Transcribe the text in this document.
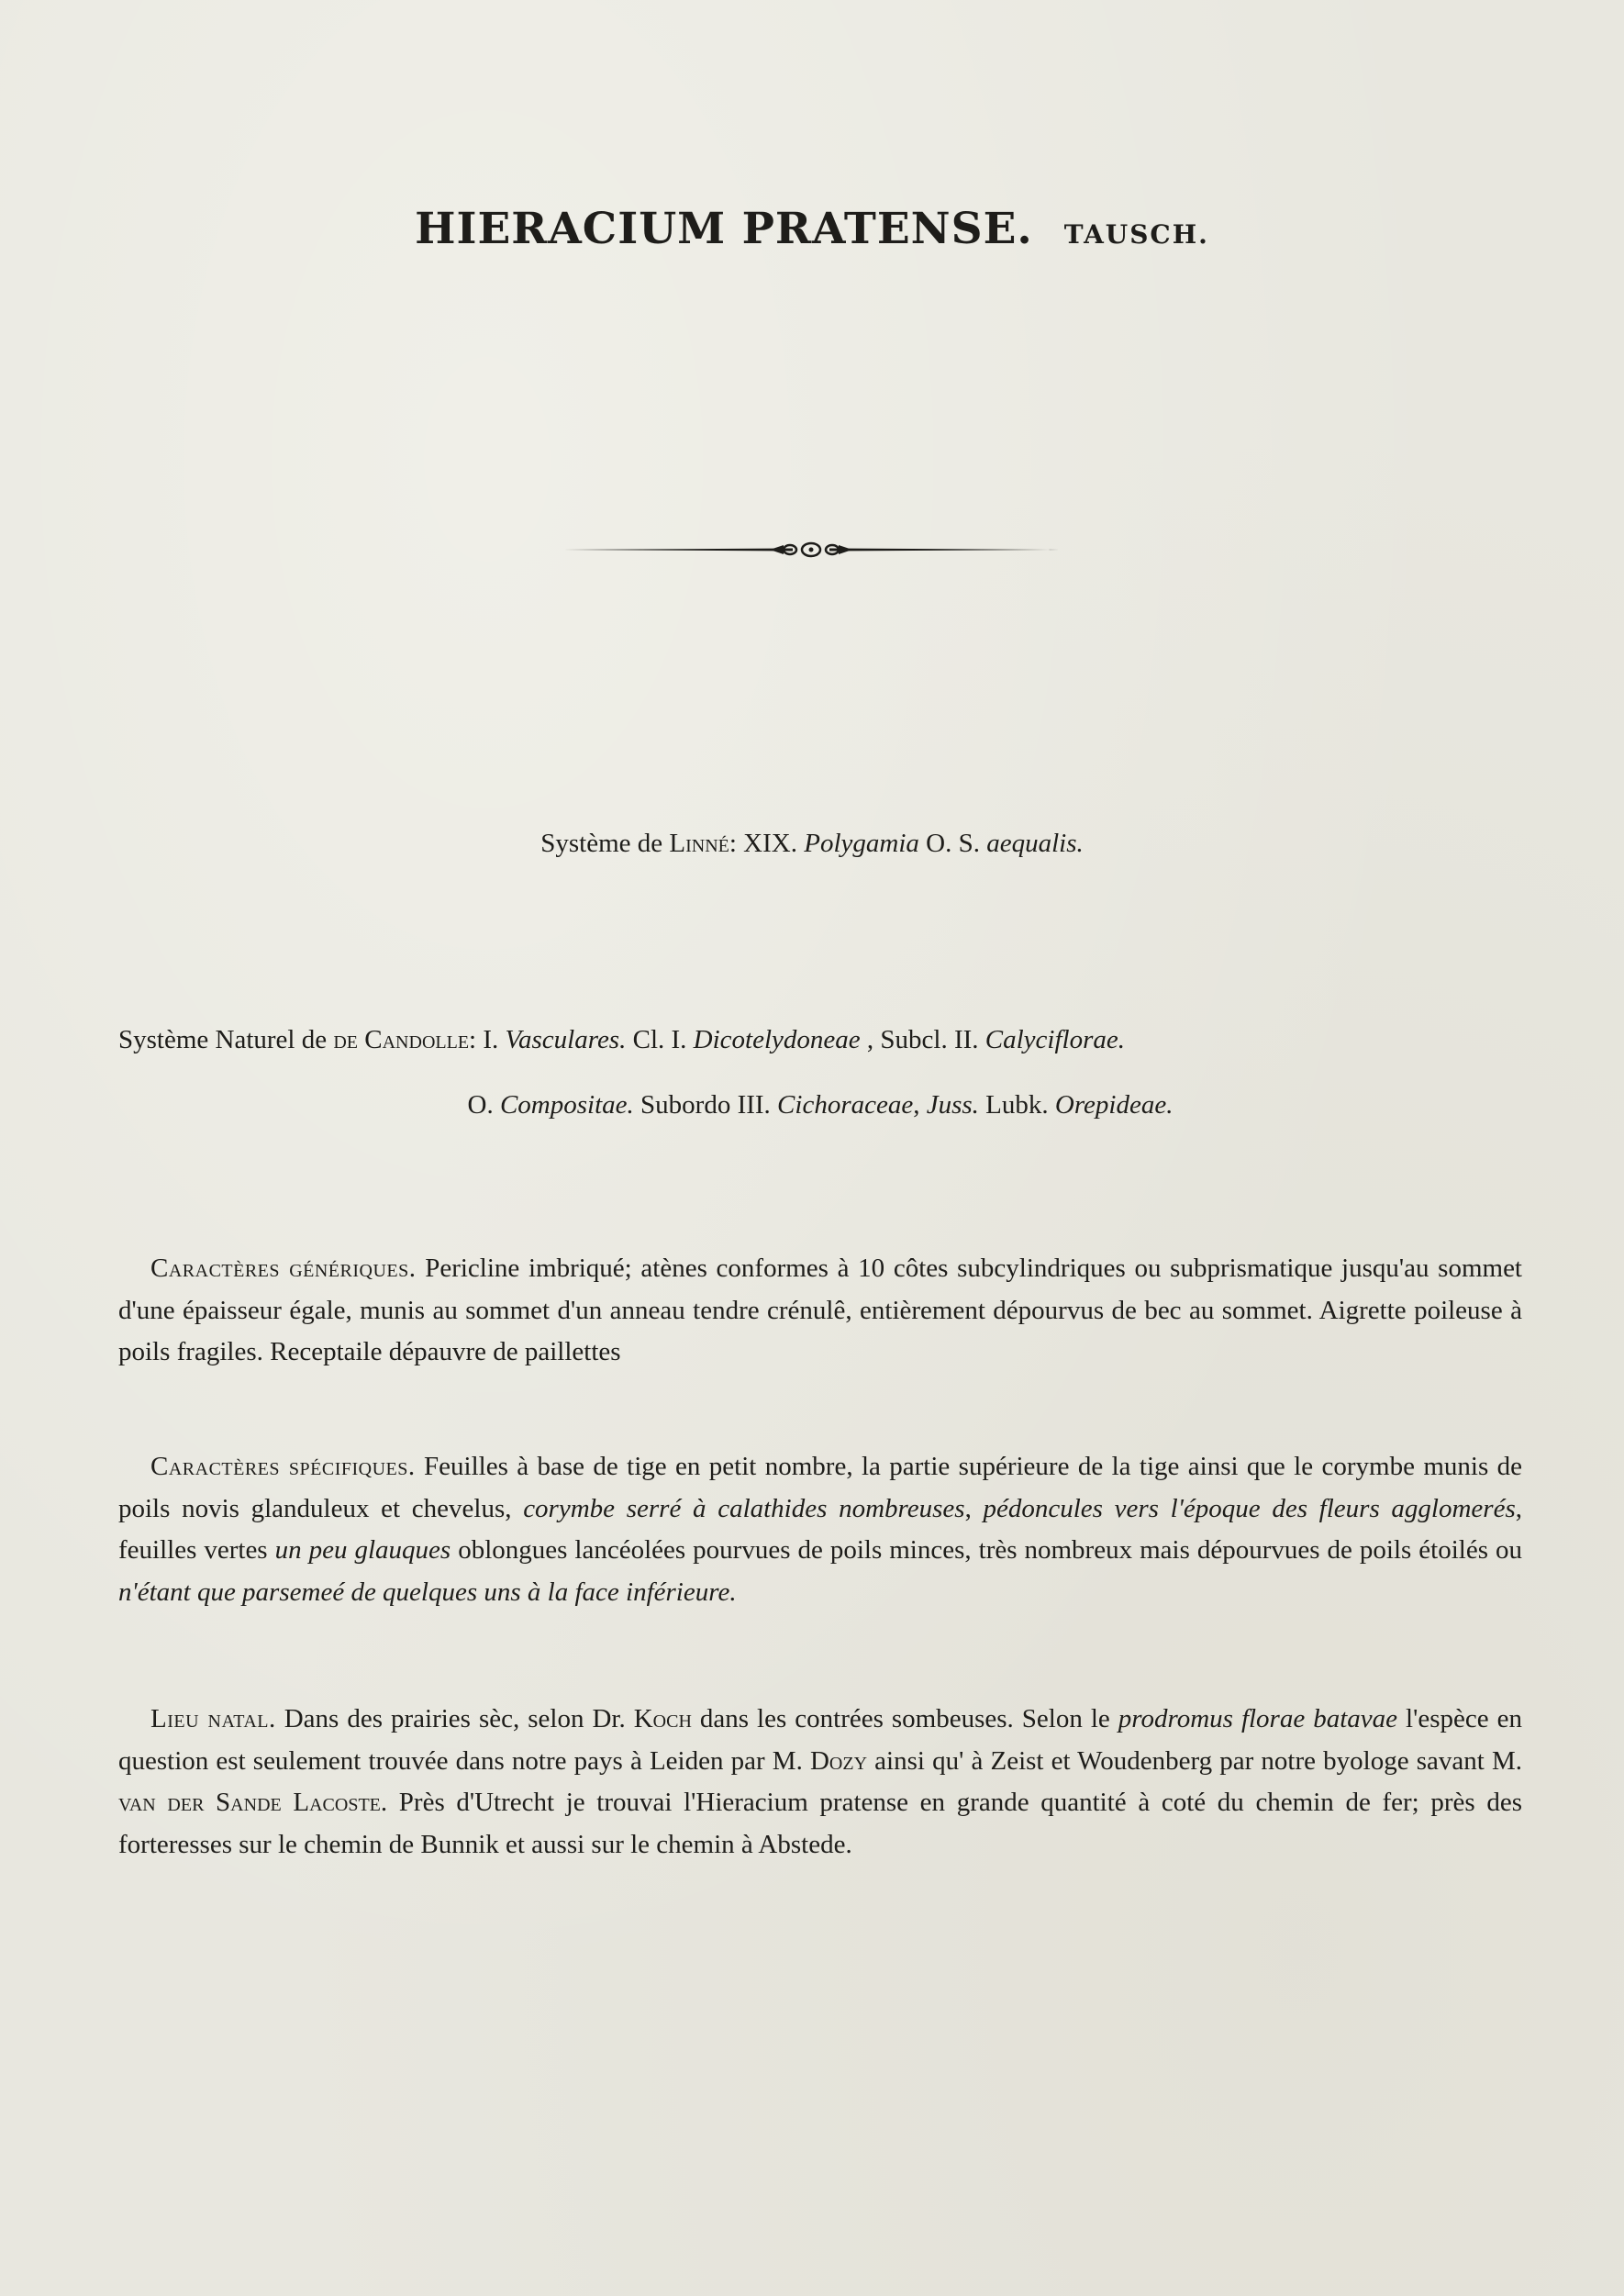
HIERACIUM PRATENSE. TAUSCH.
Système de Linné: XIX. Polygamia O. S. aequalis.
Système Naturel de de Candolle: I. Vasculares. Cl. I. Dicotelydoneae , Subcl. II. Calyciflorae.
O. Compositae. Subordo III. Cichoraceae, Juss. Lubk. Orepideae.

Caractères génériques. Pericline imbriqué; atènes conformes à 10 côtes subcylindriques ou subprismatique jusqu'au sommet d'une épaisseur égale, munis au sommet d'un anneau tendre crénulê, entièrement dépourvus de bec au sommet. Aigrette poileuse à poils fragiles. Receptaile dépauvre de paillettes

Caractères spécifiques. Feuilles à base de tige en petit nombre, la partie supérieure de la tige ainsi que le corymbe munis de poils novis glanduleux et chevelus, corymbe serré à calathides nombreuses, pédoncules vers l'époque des fleurs agglomerés, feuilles vertes un peu glauques oblongues lancéolées pourvues de poils minces, très nombreux mais dépourvues de poils étoilés ou n'étant que parsemeé de quelques uns à la face inférieure.

Lieu natal. Dans des prairies sèc, selon Dr. Koch dans les contrées sombeuses. Selon le prodromus florae batavae l'espèce en question est seulement trouvée dans notre pays à Leiden par M. Dozy ainsi qu' à Zeist et Woudenberg par notre byologe savant M. van der Sande Lacoste. Près d'Utrecht je trouvai l'Hieracium pratense en grande quantité à coté du chemin de fer; près des forteresses sur le chemin de Bunnik et aussi sur le chemin à Abstede.
